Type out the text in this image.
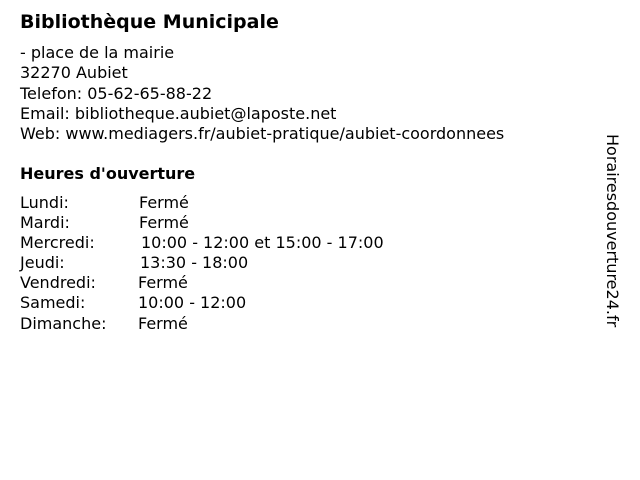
Bibliothèque Municipale
- place de la mairie
32270 Aubiet
Telefon: 05-62-65-88-22
Email: bibliotheque.aubiet@laposte.net
Web: www.mediagers.fr/aubiet-pratique/aubiet-coordonnees
Heures d'ouverture
Lundi:	Fermé
Mardi:	Fermé
Mercredi:	10:00 - 12:00 et 15:00 - 17:00
Jeudi:	13:30 - 18:00
Vendredi:	Fermé
Samedi:	10:00 - 12:00
Dimanche: Fermé	Horairesdouverture24.fr
